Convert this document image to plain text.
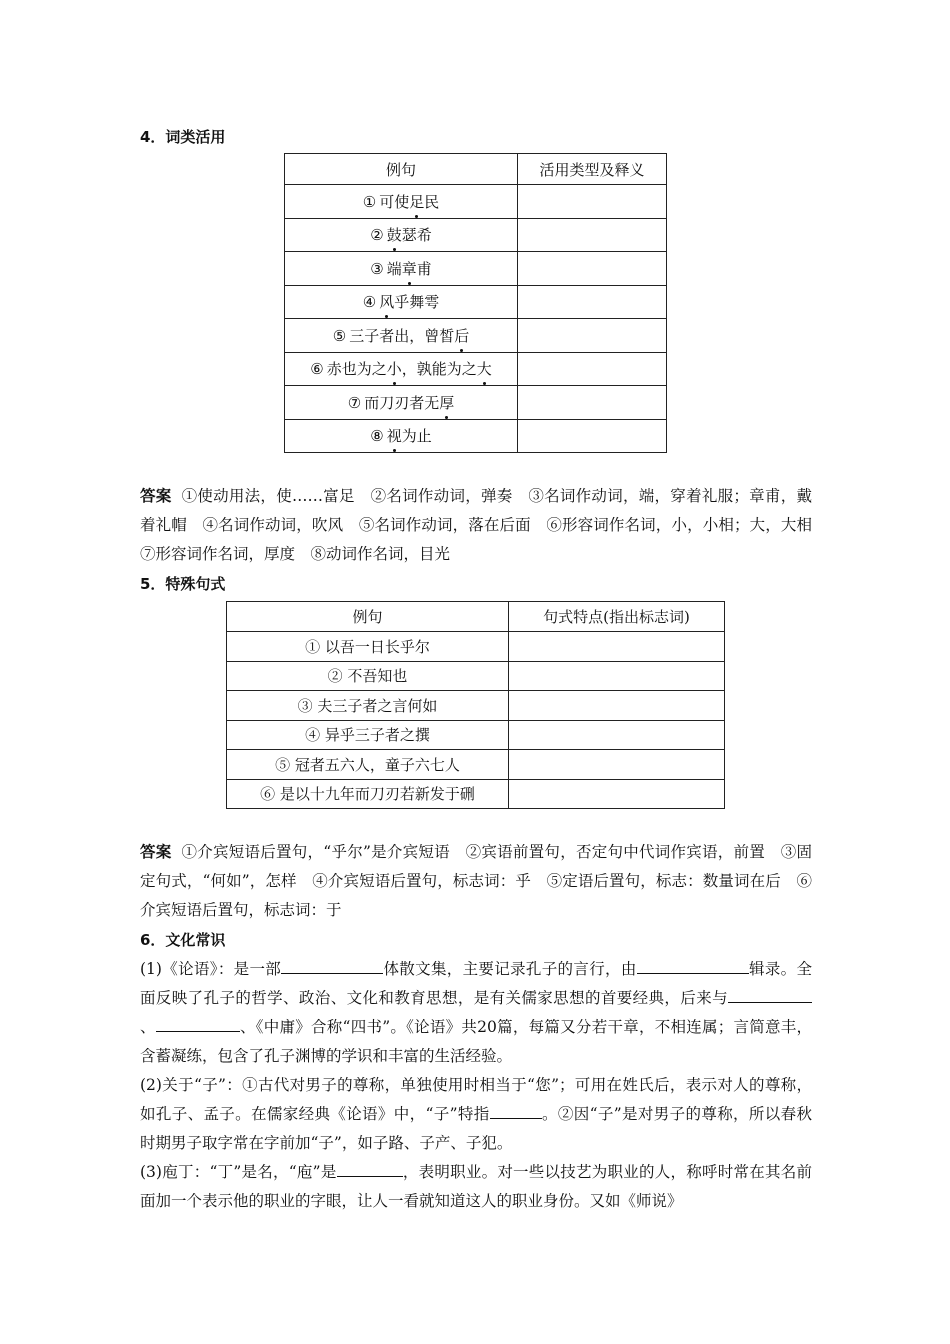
4．词类活用
例句	活用类型及释义
① 可使足民	
② 鼓瑟希	
③ 端章甫	
④ 风乎舞雩	
⑤ 三子者出，曾皙后	
⑥ 赤也为之小，孰能为之大	
⑦ 而刀刃者无厚	
⑧ 视为止	

答案 ①使动用法，使……富足　②名词作动词，弹奏　③名词作动词，端，穿着礼服；章甫，戴着礼帽　④名词作动词，吹风　⑤名词作动词，落在后面　⑥形容词作名词，小，小相；大，大相　⑦形容词作名词，厚度　⑧动词作名词，目光

5．特殊句式
例句	句式特点(指出标志词)
① 以吾一日长乎尔	
② 不吾知也	
③ 夫三子者之言何如	
④ 异乎三子者之撰	
⑤ 冠者五六人，童子六七人	
⑥ 是以十九年而刀刃若新发于硎	

答案 ①介宾短语后置句，“乎尔”是介宾短语　②宾语前置句，否定句中代词作宾语，前置　③固定句式，“何如”，怎样　④介宾短语后置句，标志词：乎　⑤定语后置句，标志：数量词在后　⑥介宾短语后置句，标志词：于

6．文化常识

(1)《论语》：是一部	体散文集，主要记录孔子的言行，由	辑录。全面反映了孔子的哲学、政治、文化和教育思想，是有关儒家思想的首要经典，后来与、	、《中庸》合称“四书”。《论语》共20篇，每篇又分若干章，不相连属；言简意丰，含蓄凝练，包含了孔子渊博的学识和丰富的生活经验。

(2)关于“子”：①古代对男子的尊称，单独使用时相当于“您”；可用在姓氏后，表示对人的尊称，如孔子、孟子。在儒家经典《论语》中，“子”特指	。②因“子”是对男子的尊称，所以春秋时期男子取字常在字前加“子”，如子路、子产、子犯。

(3)庖丁：“丁”是名，“庖”是	，表明职业。对一些以技艺为职业的人，称呼时常在其名前面加一个表示他的职业的字眼，让人一看就知道这人的职业身份。又如《师说》
